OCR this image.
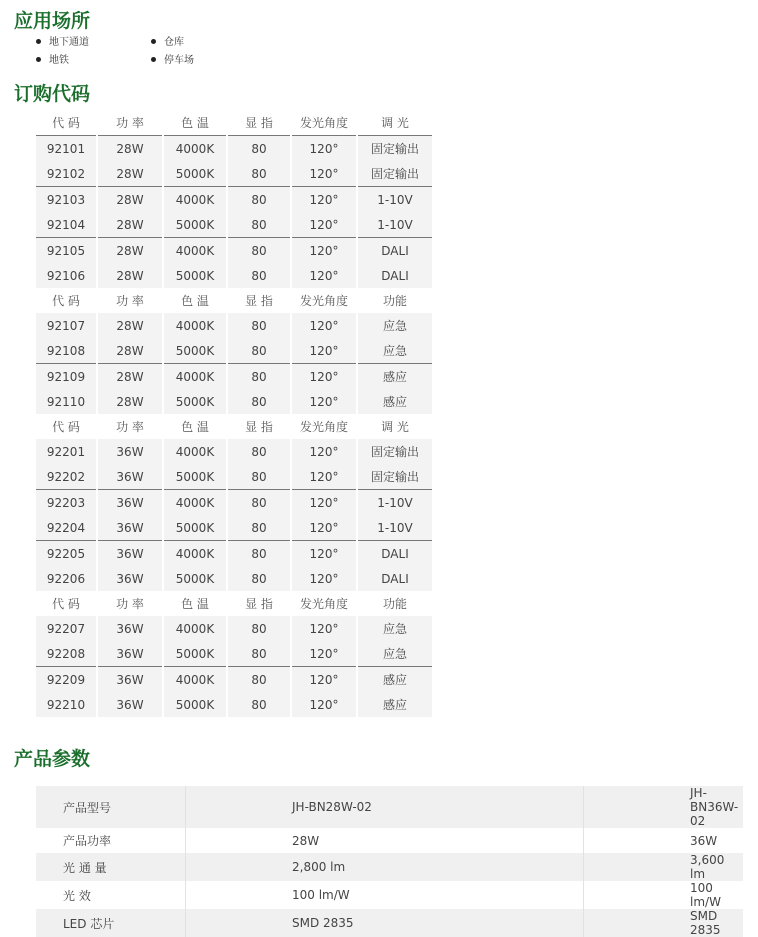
应用场所
地下通道	仓库
地铁	停车场
订购代码
代 码	功 率	色 温	显 指	发光角度	调 光
92101	28W	4000K	80	120°	固定输出
92102	28W	5000K	80	120°	固定输出
92103	28W	4000K	80	120°	1-10V
92104	28W	5000K	80	120°	1-10V
92105	28W	4000K	80	120°	DALI
92106	28W	5000K	80	120°	DALI
代 码	功 率	色 温	显 指	发光角度	功能
92107	28W	4000K	80	120°	应急
92108	28W	5000K	80	120°	应急
92109	28W	4000K	80	120°	感应
92110	28W	5000K	80	120°	感应
代 码	功 率	色 温	显 指	发光角度	调 光
92201	36W	4000K	80	120°	固定输出
92202	36W	5000K	80	120°	固定输出
92203	36W	4000K	80	120°	1-10V
92204	36W	5000K	80	120°	1-10V
92205	36W	4000K	80	120°	DALI
92206	36W	5000K	80	120°	DALI
代 码	功 率	色 温	显 指	发光角度	功能
92207	36W	4000K	80	120°	应急
92208	36W	5000K	80	120°	应急
92209	36W	4000K	80	120°	感应
92210	36W	5000K	80	120°	感应
产品参数
产品型号	JH-BN28W-02	JH-BN36W-02
产品功率	28W	36W
光 通 量	2,800 lm	3,600 lm
光 效	100 lm/W	100 lm/W
LED 芯片	SMD 2835	SMD 2835
